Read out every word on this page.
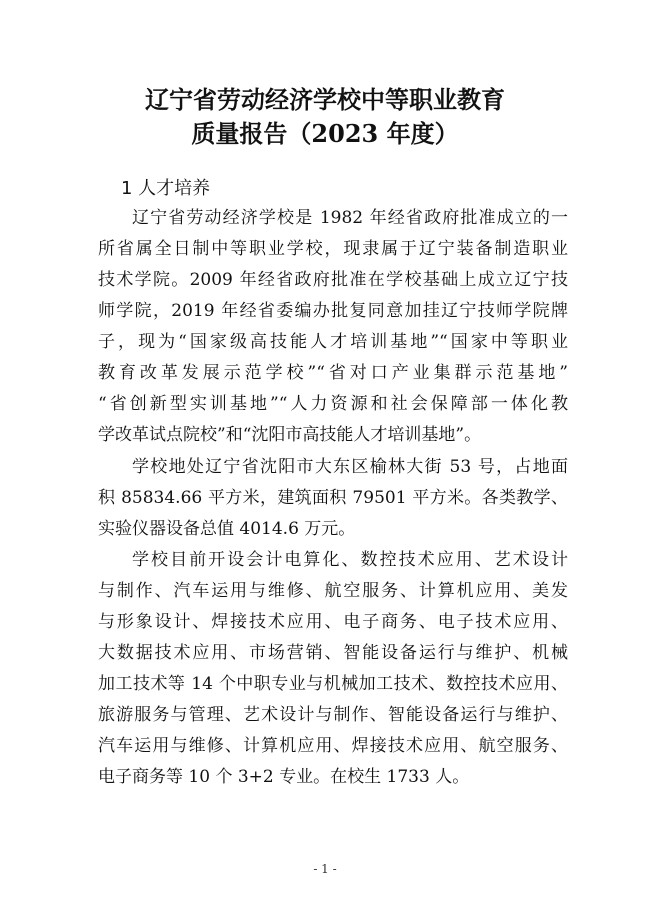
辽宁省劳动经济学校中等职业教育
质量报告（2023 年度）
1 人才培养
辽宁省劳动经济学校是 1982 年经省政府批准成立的一
所省属全日制中等职业学校，现隶属于辽宁装备制造职业
技术学院。2009 年经省政府批准在学校基础上成立辽宁技
师学院，2019 年经省委编办批复同意加挂辽宁技师学院牌
子，现为“国家级高技能人才培训基地”“国家中等职业
教育改革发展示范学校”“省对口产业集群示范基地”
“省创新型实训基地”“人力资源和社会保障部一体化教
学改革试点院校”和“沈阳市高技能人才培训基地”。
学校地处辽宁省沈阳市大东区榆林大街 53 号，占地面
积 85834.66 平方米，建筑面积 79501 平方米。各类教学、
实验仪器设备总值 4014.6 万元。
学校目前开设会计电算化、数控技术应用、艺术设计
与制作、汽车运用与维修、航空服务、计算机应用、美发
与形象设计、焊接技术应用、电子商务、电子技术应用、
大数据技术应用、市场营销、智能设备运行与维护、机械
加工技术等 14 个中职专业与机械加工技术、数控技术应用、
旅游服务与管理、艺术设计与制作、智能设备运行与维护、
汽车运用与维修、计算机应用、焊接技术应用、航空服务、
电子商务等 10 个 3+2 专业。在校生 1733 人。
- 1 -
